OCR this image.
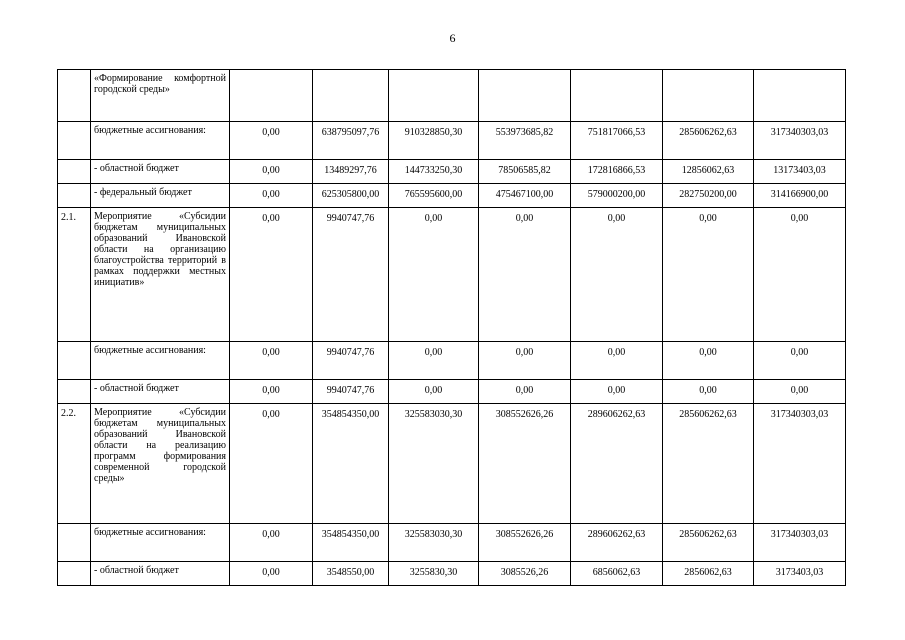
6
	«Формирование комфортной городской среды»							
	бюджетные ассигнования:	0,00	638795097,76	910328850,30	553973685,82	751817066,53	285606262,63	317340303,03
	- областной бюджет	0,00	13489297,76	144733250,30	78506585,82	172816866,53	12856062,63	13173403,03
	- федеральный бюджет	0,00	625305800,00	765595600,00	475467100,00	579000200,00	282750200,00	314166900,00
2.1.	Мероприятие «Субсидии бюджетам муниципальных образований Ивановской области на организацию благоустройства территорий в рамках поддержки местных инициатив»	0,00	9940747,76	0,00	0,00	0,00	0,00	0,00
	бюджетные ассигнования:	0,00	9940747,76	0,00	0,00	0,00	0,00	0,00
	- областной бюджет	0,00	9940747,76	0,00	0,00	0,00	0,00	0,00
2.2.	Мероприятие «Субсидии бюджетам муниципальных образований Ивановской области на реализацию программ формирования современной городской среды»	0,00	354854350,00	325583030,30	308552626,26	289606262,63	285606262,63	317340303,03
	бюджетные ассигнования:	0,00	354854350,00	325583030,30	308552626,26	289606262,63	285606262,63	317340303,03
	- областной бюджет	0,00	3548550,00	3255830,30	3085526,26	6856062,63	2856062,63	3173403,03
